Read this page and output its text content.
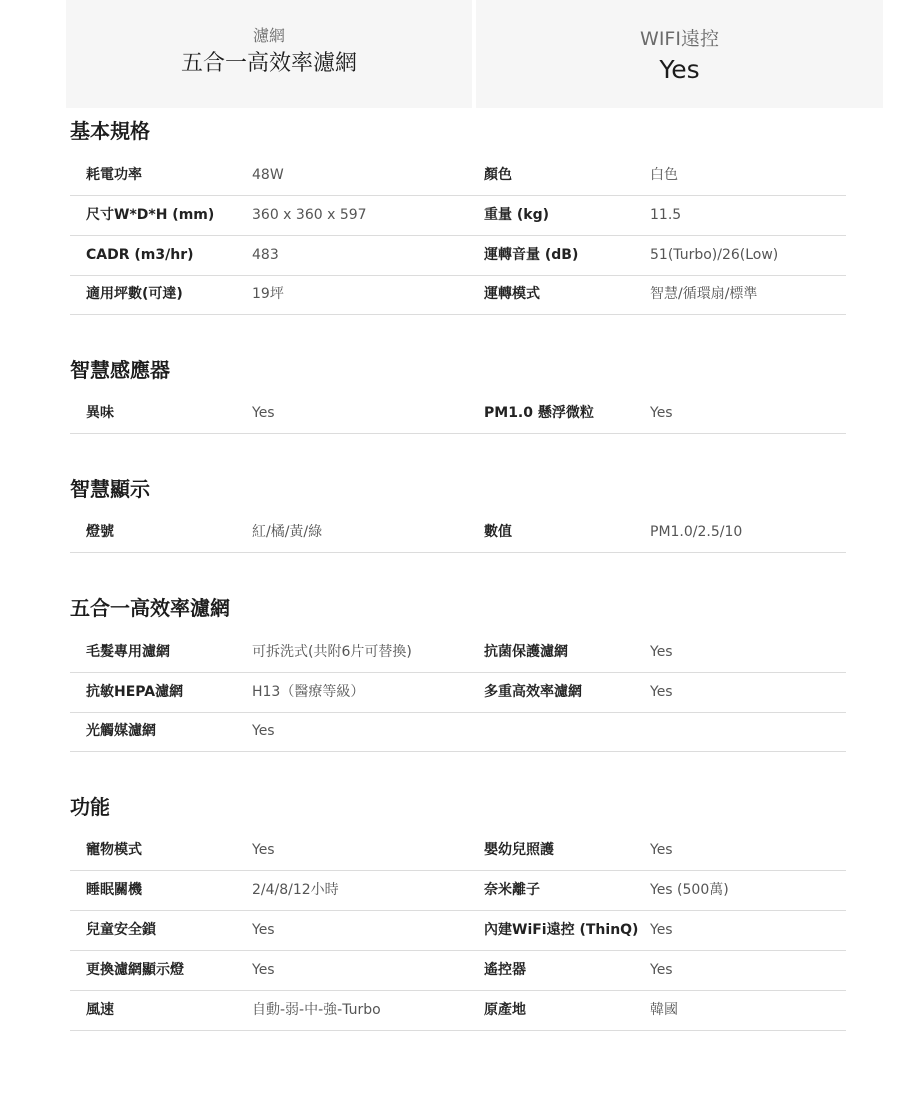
濾網
五合一高效率濾網
WIFI遠控
Yes
基本規格
耗電功率	48W	顏色	白色
尺寸W*D*H (mm)	360 x 360 x 597	重量 (kg)	11.5
CADR (m3/hr)	483	運轉音量 (dB)	51(Turbo)/26(Low)
適用坪數(可達)	19坪	運轉模式	智慧/循環扇/標準
智慧感應器
異味	Yes	PM1.0 懸浮微粒	Yes
智慧顯示
燈號	紅/橘/黃/綠	數值	PM1.0/2.5/10
五合一高效率濾網
毛髮專用濾網	可拆洗式(共附6片可替換)	抗菌保護濾網	Yes
抗敏HEPA濾網	H13（醫療等級）	多重高效率濾網	Yes
光觸媒濾網	Yes
功能
寵物模式	Yes	嬰幼兒照護	Yes
睡眠關機	2/4/8/12小時	奈米離子	Yes (500萬)
兒童安全鎖	Yes	內建WiFi遠控 (ThinQ) Yes
更換濾網顯示燈	Yes	遙控器	Yes
風速	自動-弱-中-強-Turbo	原產地	韓國
